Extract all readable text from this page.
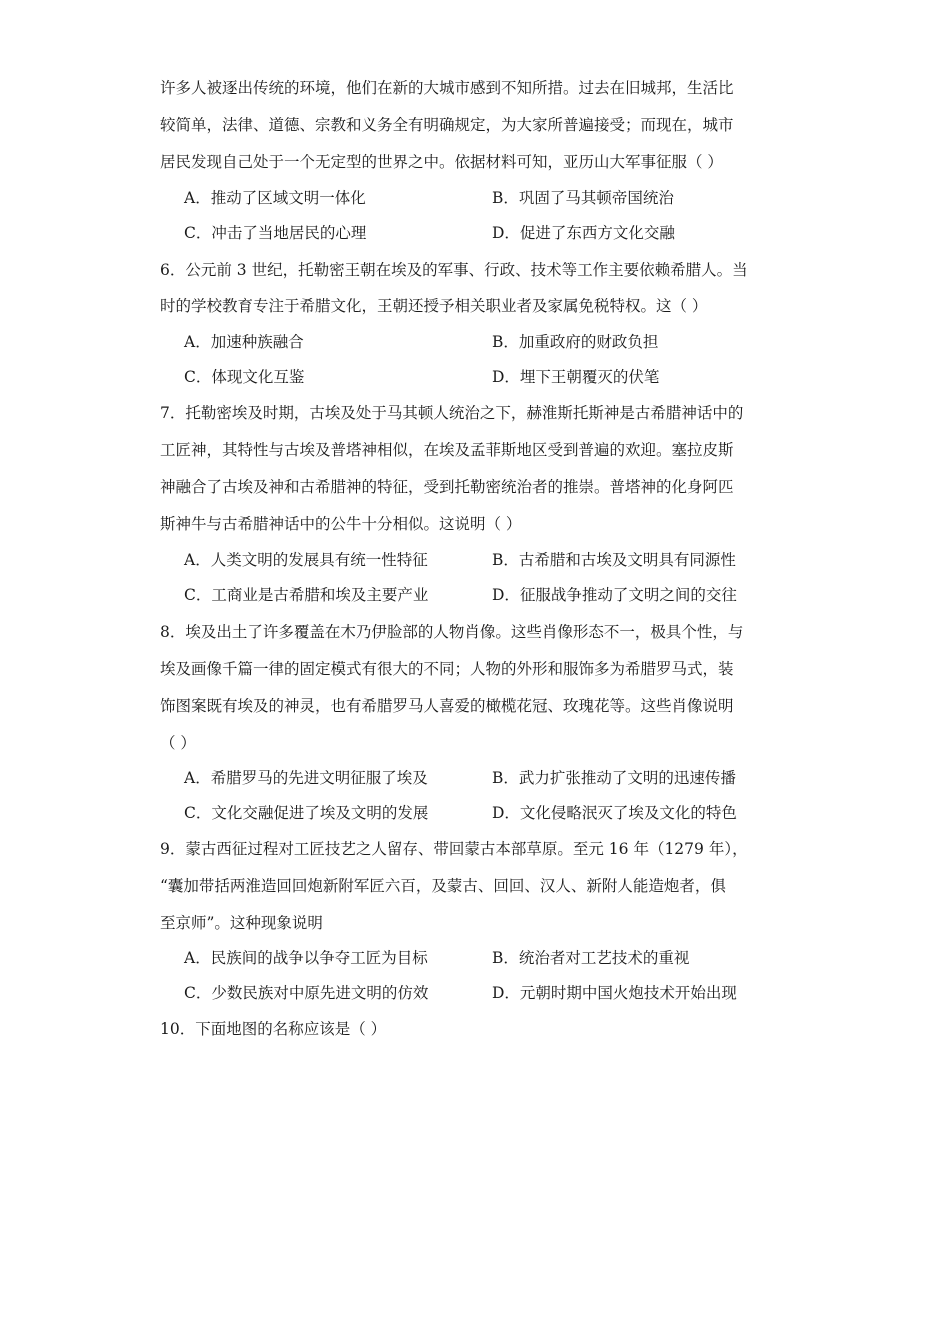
许多人被逐出传统的环境，他们在新的大城市感到不知所措。过去在旧城邦，生活比
较简单，法律、道德、宗教和义务全有明确规定，为大家所普遍接受；而现在，城市
居民发现自己处于一个无定型的世界之中。依据材料可知，亚历山大军事征服（ ）
A．推动了区域文明一体化	B．巩固了马其顿帝国统治
C．冲击了当地居民的心理	D．促进了东西方文化交融
6．公元前 3 世纪，托勒密王朝在埃及的军事、行政、技术等工作主要依赖希腊人。当
时的学校教育专注于希腊文化，王朝还授予相关职业者及家属免税特权。这（ ）
A．加速种族融合	B．加重政府的财政负担
C．体现文化互鉴	D．埋下王朝覆灭的伏笔
7．托勒密埃及时期，古埃及处于马其顿人统治之下，赫淮斯托斯神是古希腊神话中的
工匠神，其特性与古埃及普塔神相似，在埃及孟菲斯地区受到普遍的欢迎。塞拉皮斯
神融合了古埃及神和古希腊神的特征，受到托勒密统治者的推崇。普塔神的化身阿匹
斯神牛与古希腊神话中的公牛十分相似。这说明（ ）
A．人类文明的发展具有统一性特征	B．古希腊和古埃及文明具有同源性
C．工商业是古希腊和埃及主要产业	D．征服战争推动了文明之间的交往
8．埃及出土了许多覆盖在木乃伊脸部的人物肖像。这些肖像形态不一，极具个性，与
埃及画像千篇一律的固定模式有很大的不同；人物的外形和服饰多为希腊罗马式，装
饰图案既有埃及的神灵，也有希腊罗马人喜爱的橄榄花冠、玫瑰花等。这些肖像说明
（ ）
A．希腊罗马的先进文明征服了埃及	B．武力扩张推动了文明的迅速传播
C．文化交融促进了埃及文明的发展	D．文化侵略泯灭了埃及文化的特色
9．蒙古西征过程对工匠技艺之人留存、带回蒙古本部草原。至元 16 年（1279 年），
“囊加带括两淮造回回炮新附军匠六百，及蒙古、回回、汉人、新附人能造炮者，俱
至京师”。这种现象说明
A．民族间的战争以争夺工匠为目标	B．统治者对工艺技术的重视
C．少数民族对中原先进文明的仿效	D．元朝时期中国火炮技术开始出现
10．下面地图的名称应该是（ ）
